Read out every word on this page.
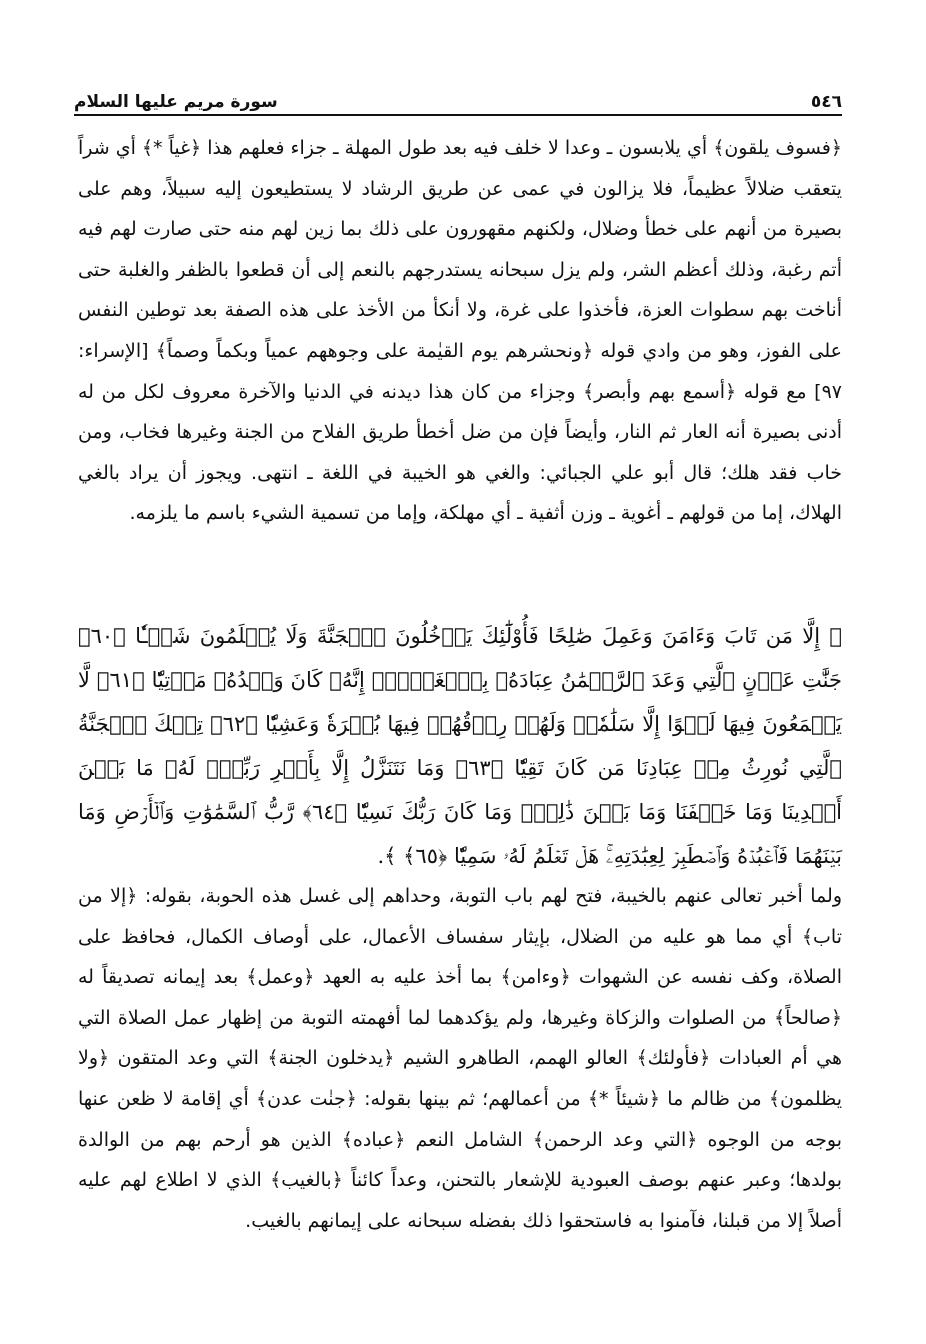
٥٤٦
سورة مريم عليها السلام

﴿فسوف يلقون﴾ أي يلابسون ـ وعدا لا خلف فيه بعد طول المهلة ـ جزاء فعلهم هذا ﴿غياً *﴾ أي شراً يتعقب ضلالاً عظيماً، فلا يزالون في عمى عن طريق الرشاد لا يستطيعون إليه سبيلاً، وهم على بصيرة من أنهم على خطأ وضلال، ولكنهم مقهورون على ذلك بما زين لهم منه حتى صارت لهم فيه أتم رغبة، وذلك أعظم الشر، ولم يزل سبحانه يستدرجهم بالنعم إلى أن قطعوا بالظفر والغلبة حتى أناخت بهم سطوات العزة، فأخذوا على غرة، ولا أنكأ من الأخذ على هذه الصفة بعد توطين النفس على الفوز، وهو من وادي قوله ﴿ونحشرهم يوم القيٰمة على وجوههم عمياً وبكماً وصماً﴾ [الإسراء: ٩٧] مع قوله ﴿أسمع بهم وأبصر﴾ وجزاء من كان هذا ديدنه في الدنيا والآخرة معروف لكل من له أدنى بصيرة أنه العار ثم النار، وأيضاً فإن من ضل أخطأ طريق الفلاح من الجنة وغيرها فخاب، ومن خاب فقد هلك؛ قال أبو علي الجبائي: والغي هو الخيبة في اللغة ـ انتهى. ويجوز أن يراد بالغي الهلاك، إما من قولهم ـ أغوية ـ وزن أثفية ـ أي مهلكة، وإما من تسمية الشيء باسم ما يلزمه.

﴿ إِلَّا مَن تَابَ وَءَامَنَ وَعَمِلَ صَٰلِحًا فَأُوْلَٰٓئِكَ يَدۡخُلُونَ ٱلۡجَنَّةَ وَلَا يُظۡلَمُونَ شَيۡـٔٗا ﴿٦٠﴾ جَنَّٰتِ عَدۡنٍ ٱلَّتِي وَعَدَ ٱلرَّحۡمَٰنُ عِبَادَهُۥ بِٱلۡغَيۡبِۚ إِنَّهُۥ كَانَ وَعۡدُهُۥ مَأۡتِيّٗا ﴿٦١﴾ لَّا يَسۡمَعُونَ فِيهَا لَغۡوًا إِلَّا سَلَٰمٗاۖ وَلَهُمۡ رِزۡقُهُمۡ فِيهَا بُكۡرَةٗ وَعَشِيّٗا ﴿٦٢﴾ تِلۡكَ ٱلۡجَنَّةُ ٱلَّتِي نُورِثُ مِنۡ عِبَادِنَا مَن كَانَ تَقِيّٗا ﴿٦٣﴾ وَمَا نَتَنَزَّلُ إِلَّا بِأَمۡرِ رَبِّكَۖ لَهُۥ مَا بَيۡنَ أَيۡدِينَا وَمَا خَلۡفَنَا وَمَا بَيۡنَ ذَٰلِكَۚ وَمَا كَانَ رَبُّكَ نَسِيّٗا ﴿٦٤﴾ رَّبُّ ٱلسَّمَٰوَٰتِ وَٱلۡأَرۡضِ وَمَا بَيۡنَهُمَا فَٱعۡبُدۡهُ وَٱصۡطَبِرۡ لِعِبَٰدَتِهِۦۚ هَلۡ تَعۡلَمُ لَهُۥ سَمِيّٗا ﴿٦٥﴾ ﴾.

ولما أخبر تعالى عنهم بالخيبة، فتح لهم باب التوبة، وحداهم إلى غسل هذه الحوبة، بقوله: ﴿إلا من تاب﴾ أي مما هو عليه من الضلال، بإيثار سفساف الأعمال، على أوصاف الكمال، فحافظ على الصلاة، وكف نفسه عن الشهوات ﴿وءامن﴾ بما أخذ عليه به العهد ﴿وعمل﴾ بعد إيمانه تصديقاً له ﴿صالحاً﴾ من الصلوات والزكاة وغيرها، ولم يؤكدهما لما أفهمته التوبة من إظهار عمل الصلاة التي هي أم العبادات ﴿فأولئك﴾ العالو الهمم، الطاهرو الشيم ﴿يدخلون الجنة﴾ التي وعد المتقون ﴿ولا يظلمون﴾ من ظالم ما ﴿شيئاً *﴾ من أعمالهم؛ ثم بينها بقوله: ﴿جنٰت عدن﴾ أي إقامة لا ظعن عنها بوجه من الوجوه ﴿التي وعد الرحمن﴾ الشامل النعم ﴿عباده﴾ الذين هو أرحم بهم من الوالدة بولدها؛ وعبر عنهم بوصف العبودية للإشعار بالتحنن، وعداً كائناً ﴿بالغيب﴾ الذي لا اطلاع لهم عليه أصلاً إلا من قبلنا، فآمنوا به فاستحقوا ذلك بفضله سبحانه على إيمانهم بالغيب.
